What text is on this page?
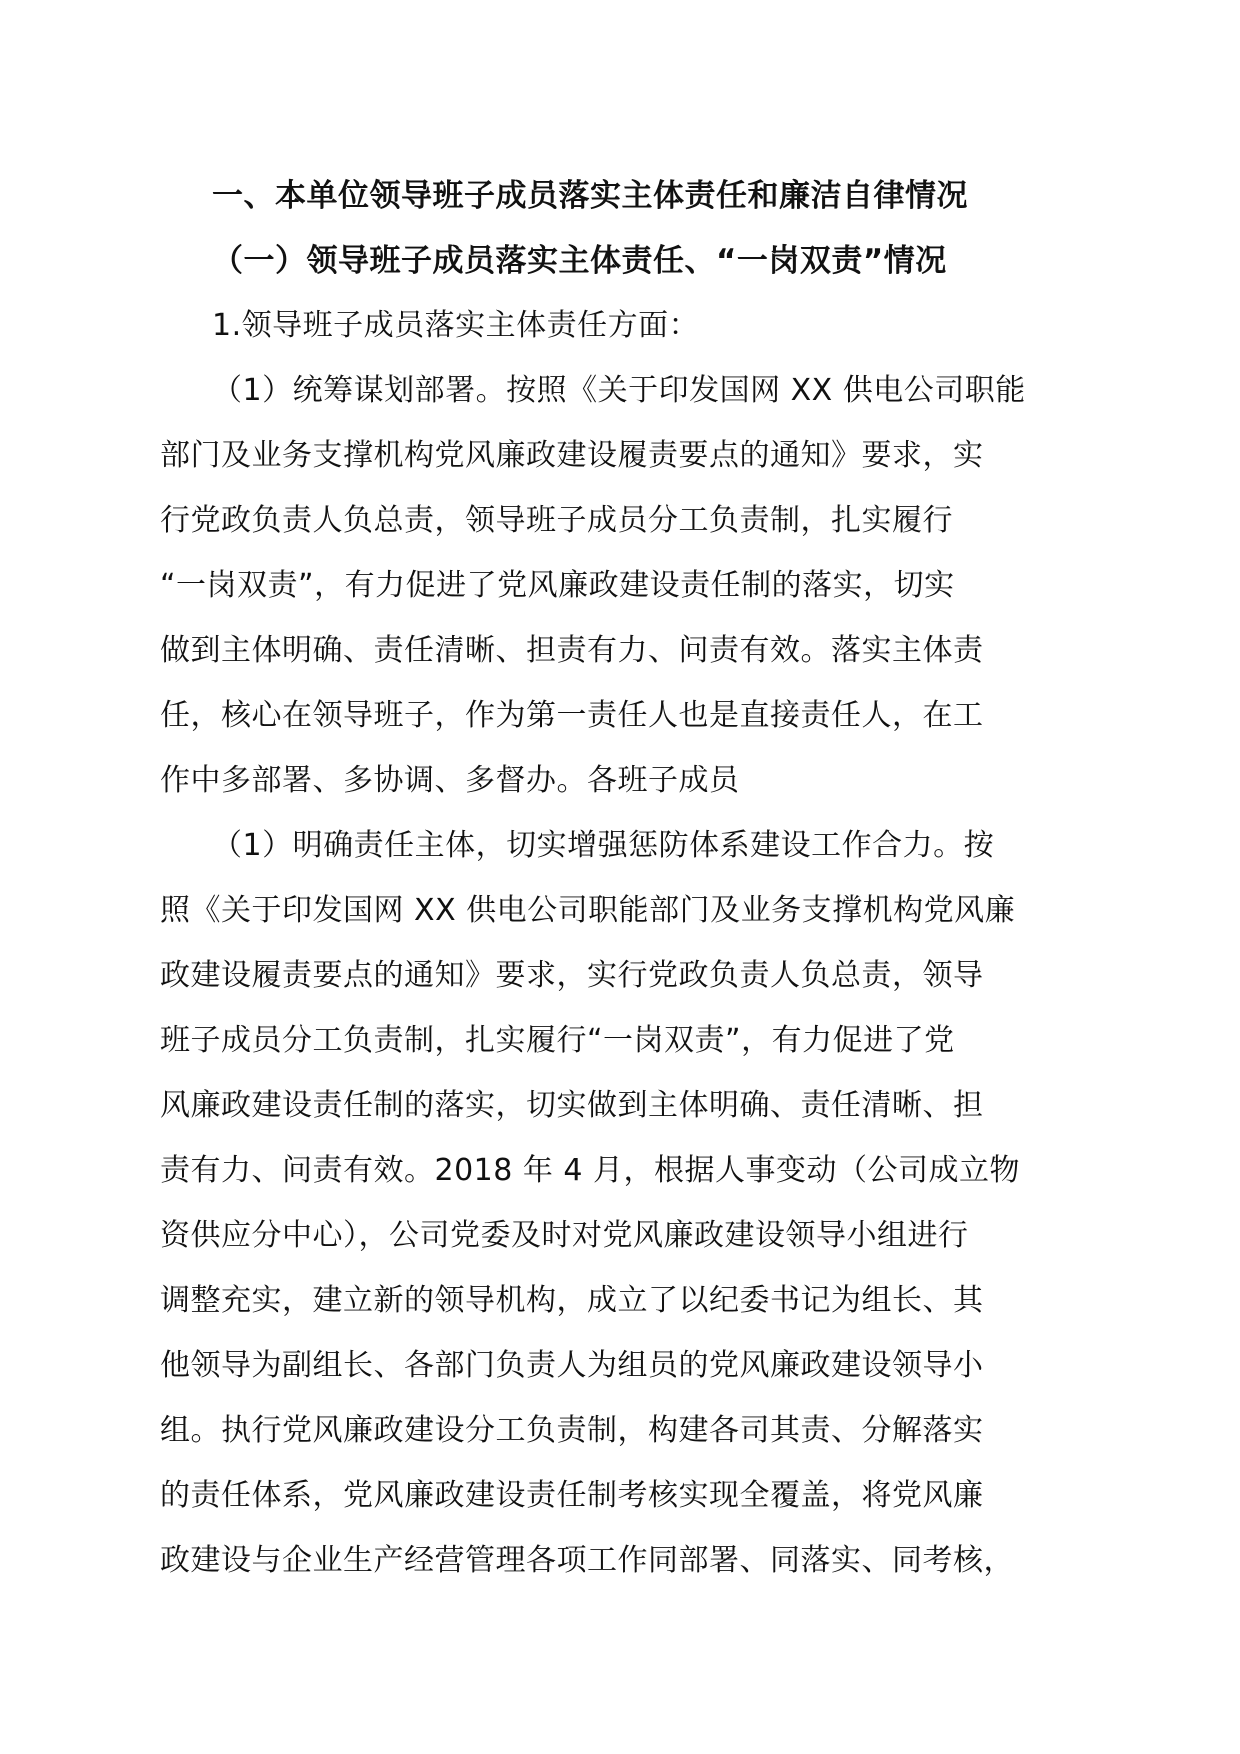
一、本单位领导班子成员落实主体责任和廉洁自律情况
（一）领导班子成员落实主体责任、“一岗双责”情况
1.领导班子成员落实主体责任方面：
（1）统筹谋划部署。按照《关于印发国网 XX 供电公司职能
部门及业务支撑机构党风廉政建设履责要点的通知》要求，实
行党政负责人负总责，领导班子成员分工负责制，扎实履行
“一岗双责”，有力促进了党风廉政建设责任制的落实，切实
做到主体明确、责任清晰、担责有力、问责有效。落实主体责
任，核心在领导班子，作为第一责任人也是直接责任人，在工
作中多部署、多协调、多督办。各班子成员
（1）明确责任主体，切实增强惩防体系建设工作合力。按
照《关于印发国网 XX 供电公司职能部门及业务支撑机构党风廉
政建设履责要点的通知》要求，实行党政负责人负总责，领导
班子成员分工负责制，扎实履行“一岗双责”，有力促进了党
风廉政建设责任制的落实，切实做到主体明确、责任清晰、担
责有力、问责有效。2018 年 4 月，根据人事变动（公司成立物
资供应分中心），公司党委及时对党风廉政建设领导小组进行
调整充实，建立新的领导机构，成立了以纪委书记为组长、其
他领导为副组长、各部门负责人为组员的党风廉政建设领导小
组。执行党风廉政建设分工负责制，构建各司其责、分解落实
的责任体系，党风廉政建设责任制考核实现全覆盖，将党风廉
政建设与企业生产经营管理各项工作同部署、同落实、同考核，
